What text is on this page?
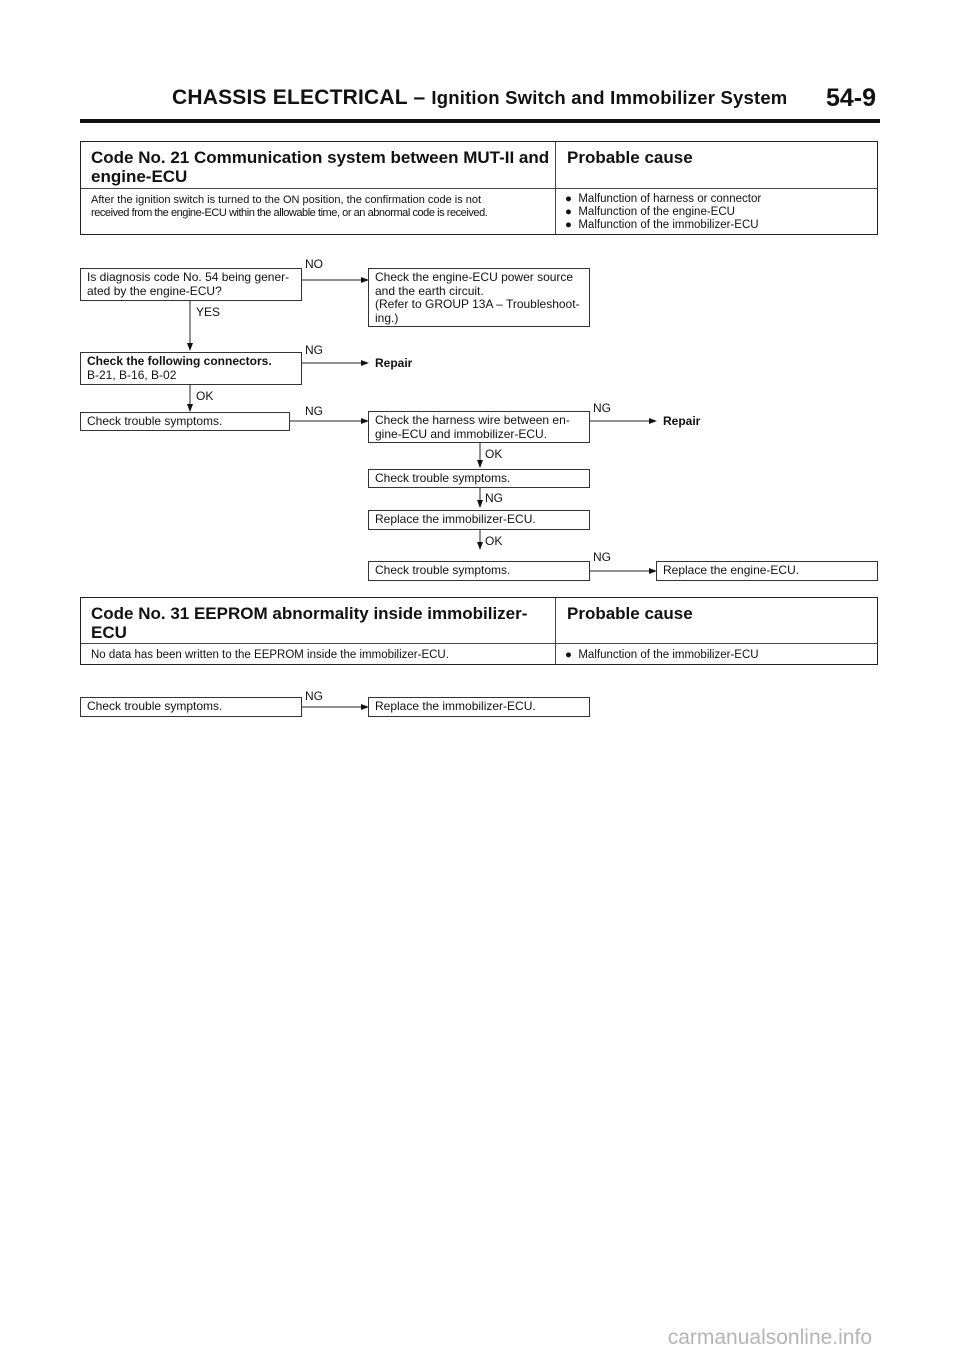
CHASSIS ELECTRICAL – Ignition Switch and Immobilizer System 54-9
Code No. 21 Communication system between MUT-II and
engine-ECU
Probable cause
After the ignition switch is turned to the ON position, the confirmation code is not
received from the engine-ECU within the allowable time, or an abnormal code is received.
●  Malfunction of harness or connector
●  Malfunction of the engine-ECU
●  Malfunction of the immobilizer-ECU
Is diagnosis code No. 54 being gener-
ated by the engine-ECU?
NO
YES
Check the engine-ECU power source
and the earth circuit.
(Refer to GROUP 13A – Troubleshoot-
ing.)
Check the following connectors.
B-21, B-16, B-02
NG
Repair
OK
Check trouble symptoms.
NG
Check the harness wire between en-
gine-ECU and immobilizer-ECU.
NG
Repair
OK
Check trouble symptoms.
NG
Replace the immobilizer-ECU.
OK
Check trouble symptoms.
NG
Replace the engine-ECU.
Code No. 31 EEPROM abnormality inside immobilizer-
ECU
Probable cause
No data has been written to the EEPROM inside the immobilizer-ECU.	●  Malfunction of the immobilizer-ECU
Check trouble symptoms.
NG
Replace the immobilizer-ECU.
carmanualsonline.info
